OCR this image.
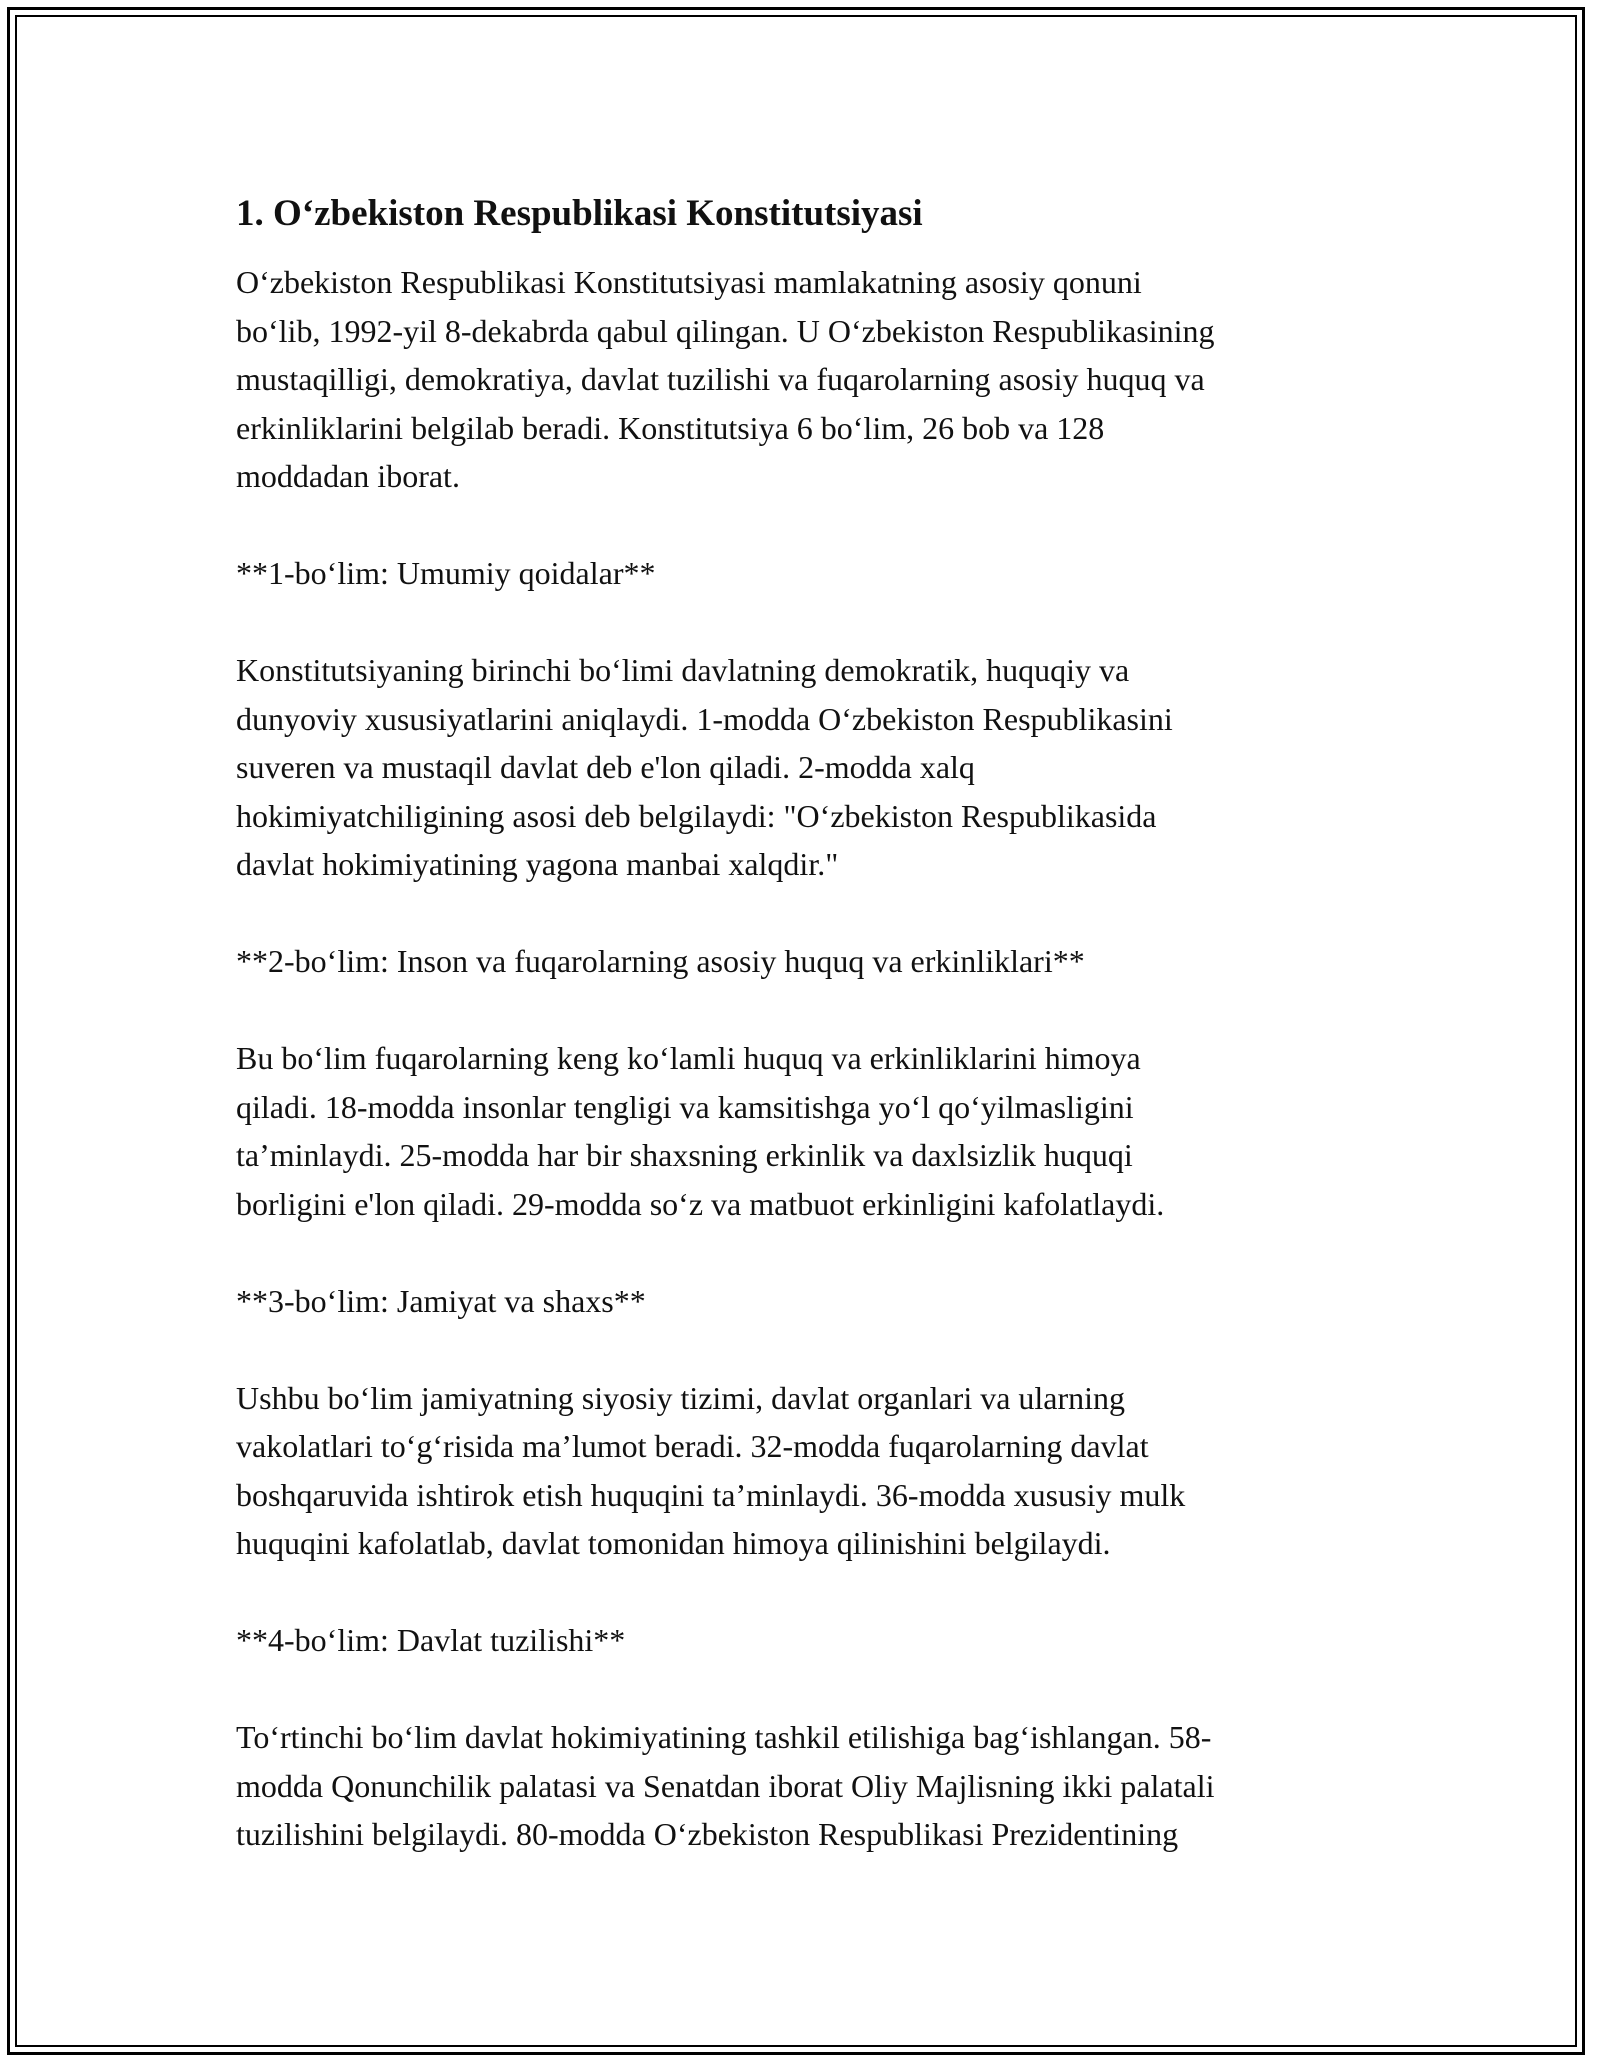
1. O‘zbekiston Respublikasi Konstitutsiyasi

O‘zbekiston Respublikasi Konstitutsiyasi mamlakatning asosiy qonuni
bo‘lib, 1992-yil 8-dekabrda qabul qilingan. U O‘zbekiston Respublikasining
mustaqilligi, demokratiya, davlat tuzilishi va fuqarolarning asosiy huquq va
erkinliklarini belgilab beradi. Konstitutsiya 6 bo‘lim, 26 bob va 128
moddadan iborat.

**1-bo‘lim: Umumiy qoidalar**

Konstitutsiyaning birinchi bo‘limi davlatning demokratik, huquqiy va
dunyoviy xususiyatlarini aniqlaydi. 1-modda O‘zbekiston Respublikasini
suveren va mustaqil davlat deb e'lon qiladi. 2-modda xalq
hokimiyatchiligining asosi deb belgilaydi: "O‘zbekiston Respublikasida
davlat hokimiyatining yagona manbai xalqdir."

**2-bo‘lim: Inson va fuqarolarning asosiy huquq va erkinliklari**

Bu bo‘lim fuqarolarning keng ko‘lamli huquq va erkinliklarini himoya
qiladi. 18-modda insonlar tengligi va kamsitishga yo‘l qo‘yilmasligini
ta’minlaydi. 25-modda har bir shaxsning erkinlik va daxlsizlik huquqi
borligini e'lon qiladi. 29-modda so‘z va matbuot erkinligini kafolatlaydi.

**3-bo‘lim: Jamiyat va shaxs**

Ushbu bo‘lim jamiyatning siyosiy tizimi, davlat organlari va ularning
vakolatlari to‘g‘risida ma’lumot beradi. 32-modda fuqarolarning davlat
boshqaruvida ishtirok etish huquqini ta’minlaydi. 36-modda xususiy mulk
huquqini kafolatlab, davlat tomonidan himoya qilinishini belgilaydi.

**4-bo‘lim: Davlat tuzilishi**

To‘rtinchi bo‘lim davlat hokimiyatining tashkil etilishiga bag‘ishlangan. 58-
modda Qonunchilik palatasi va Senatdan iborat Oliy Majlisning ikki palatali
tuzilishini belgilaydi. 80-modda O‘zbekiston Respublikasi Prezidentining
